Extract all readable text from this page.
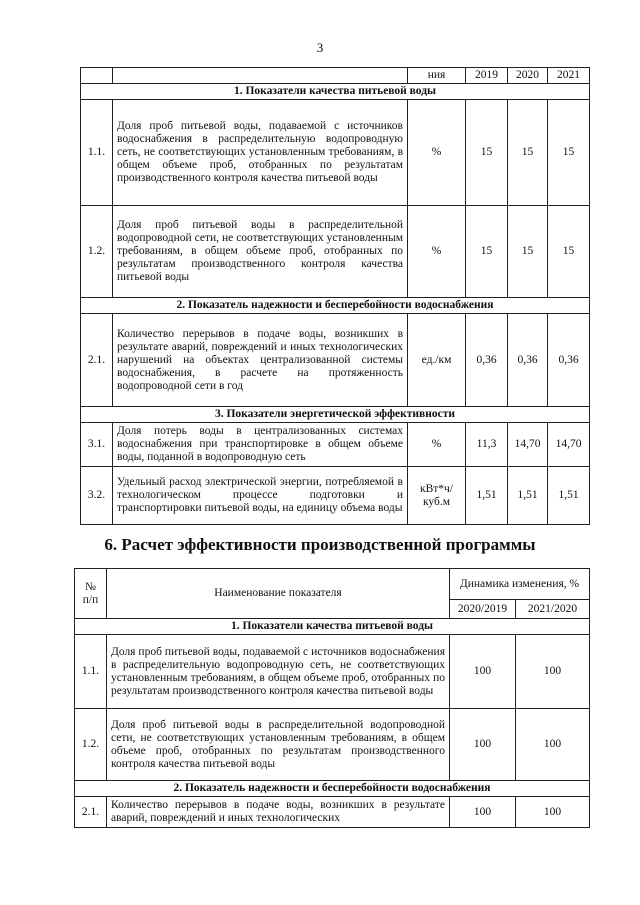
3
		ния	2019	2020	2021
1. Показатели качества питьевой воды					
1.1.	Доля проб питьевой воды, подаваемой с источников водоснабжения в распределительную водопроводную сеть, не соответствующих установленным требованиям, в общем объеме проб, отобранных по результатам производственного контроля качества питьевой воды	%	15	15	15
1.2.	Доля проб питьевой воды в распределительной водопроводной сети, не соответствующих установленным требованиям, в общем объеме проб, отобранных по результатам производственного контроля качества питьевой воды	%	15	15	15
2. Показатель надежности и бесперебойности водоснабжения					
2.1.	Количество перерывов в подаче воды, возникших в результате аварий, повреждений и иных технологических нарушений на объектах централизованной системы водоснабжения, в расчете на протяженность водопроводной сети в год	ед./км	0,36	0,36	0,36
3. Показатели энергетической эффективности					
3.1.	Доля потерь воды в централизованных системах водоснабжения при транспортировке в общем объеме воды, поданной в водопроводную сеть	%	11,3	14,70	14,70
3.2.	Удельный расход электрической энергии, потребляемой в технологическом процессе подготовки и транспортировки питьевой воды, на единицу объема воды	кВт*ч/ куб.м	1,51	1,51	1,51
6. Расчет эффективности производственной программы
№ п/п	Наименование показателя	Динамика изменения, %	
		2020/2019	2021/2020
1. Показатели качества питьевой воды			
1.1.	Доля проб питьевой воды, подаваемой с источников водоснабжения в распределительную водопроводную сеть, не соответствующих установленным требованиям, в общем объеме проб, отобранных по результатам производственного контроля качества питьевой воды	100	100
1.2.	Доля проб питьевой воды в распределительной водопроводной сети, не соответствующих установленным требованиям, в общем объеме проб, отобранных по результатам производственного контроля качества питьевой воды	100	100
2. Показатель надежности и бесперебойности водоснабжения			
2.1.	Количество перерывов в подаче воды, возникших в результате аварий, повреждений и иных технологических	100	100
